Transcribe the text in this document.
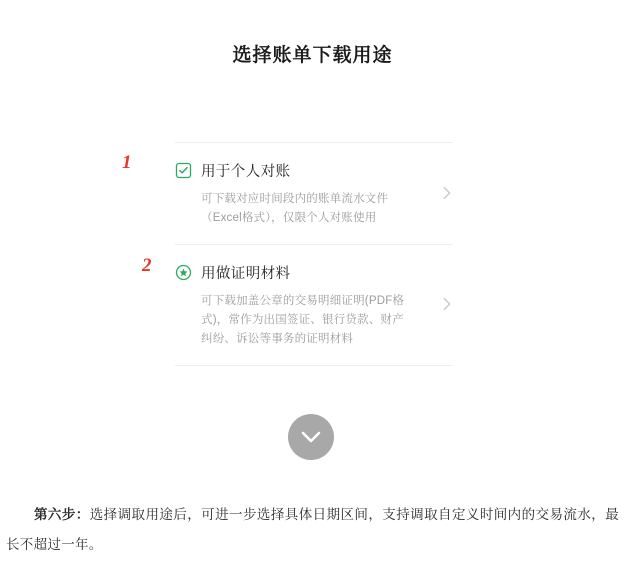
选择账单下载用途
用于个人对账
可下载对应时间段内的账单流水文件（Excel格式），仅限个人对账使用
用做证明材料
可下载加盖公章的交易明细证明(PDF格式)，常作为出国签证、银行贷款、财产纠纷、诉讼等事务的证明材料
1
2
第六步：选择调取用途后，可进一步选择具体日期区间，支持调取自定义时间内的交易流水，最长不超过一年。
